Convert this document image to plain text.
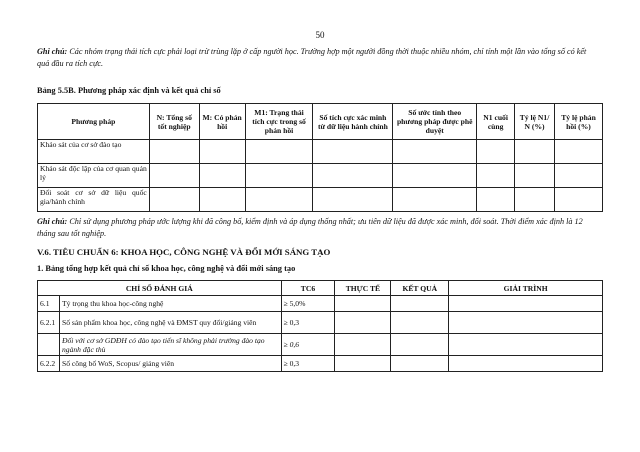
50
Ghi chú: Các nhóm trạng thái tích cực phải loại trừ trùng lặp ở cấp người học. Trường hợp một người đồng thời thuộc nhiều nhóm, chỉ tính một lần vào tổng số có kết quả đầu ra tích cực.
Bảng 5.5B. Phương pháp xác định và kết quả chỉ số
Phương pháp	N: Tổng số tốt nghiệp	M: Có phản hồi	M1: Trạng thái tích cực trong số phản hồi	Số tích cực xác minh từ dữ liệu hành chính	Số ước tính theo phương pháp được phê duyệt	N1 cuối cùng	Tỷ lệ N1/ N (%)	Tỷ lệ phản hồi (%)
Khảo sát của cơ sở đào tạo								
Khảo sát độc lập của cơ quan quản lý								
Đối soát cơ sở dữ liệu quốc gia/hành chính								
Ghi chú: Chỉ sử dụng phương pháp ước lượng khi đã công bố, kiểm định và áp dụng thống nhất; ưu tiên dữ liệu đã được xác minh, đối soát. Thời điểm xác định là 12 tháng sau tốt nghiệp.
V.6. TIÊU CHUẨN 6: KHOA HỌC, CÔNG NGHỆ VÀ ĐỔI MỚI SÁNG TẠO
1. Bảng tổng hợp kết quả chỉ số khoa học, công nghệ và đổi mới sáng tạo
CHỈ SỐ ĐÁNH GIÁ		TC6	THỰC TẾ	KẾT QUẢ	GIẢI TRÌNH
6.1	Tỷ trọng thu khoa học-công nghệ	≥ 5,0%			
6.2.1	Số sản phẩm khoa học, công nghệ và ĐMST quy đổi/giảng viên	≥ 0,3			
	Đối với cơ sở GDĐH có đào tạo tiến sĩ không phải trường đào tạo ngành đặc thù	≥ 0,6			
6.2.2	Số công bố WoS, Scopus/ giảng viên	≥ 0,3			
